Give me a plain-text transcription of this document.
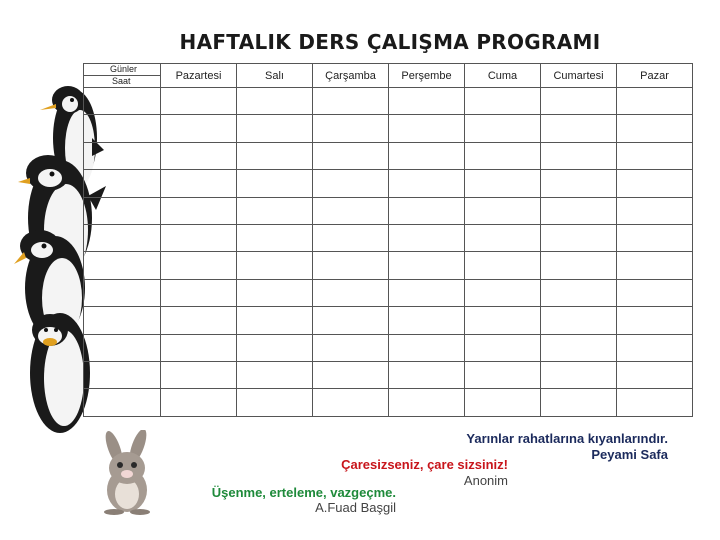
HAFTALIK DERS ÇALIŞMA PROGRAMI
Günler
Saat	Pazartesi	Salı	Çarşamba	Perşembe	Cuma	Cumartesi	Pazar

Yarınlar rahatlarına kıyanlarındır.
Peyami Safa
Çaresizseniz, çare sizsiniz!
Anonim
Üşenme, erteleme, vazgeçme.
A.Fuad Başgil
